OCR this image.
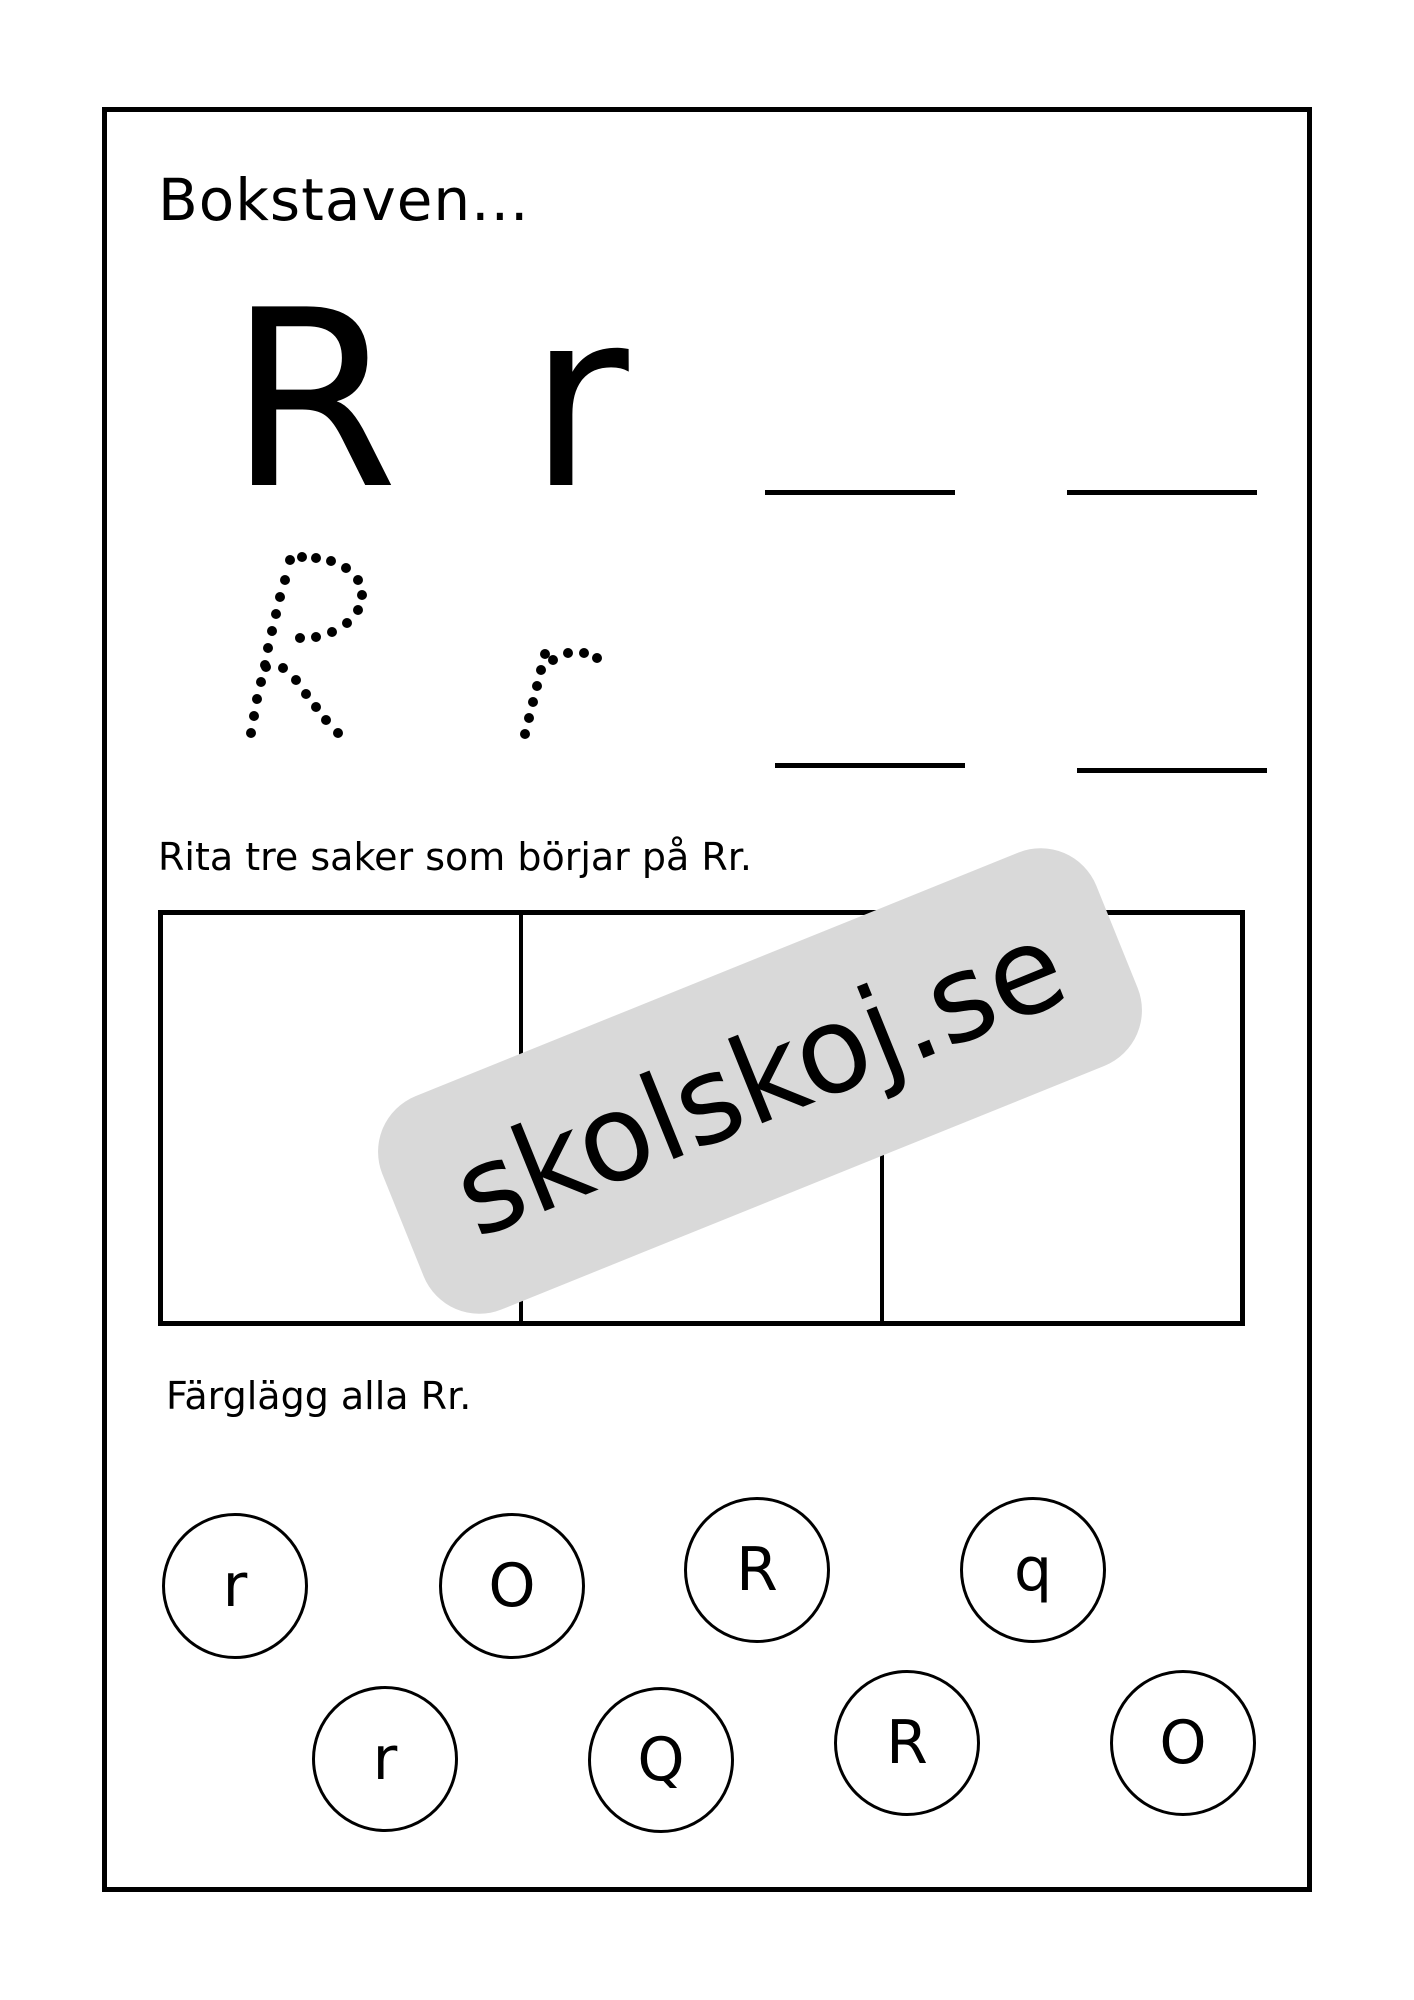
Bokstaven...
R r
Rita tre saker som börjar på Rr.
Färglägg alla Rr.
r	O	R	q
r	Q	R	O
skolskoj.se
